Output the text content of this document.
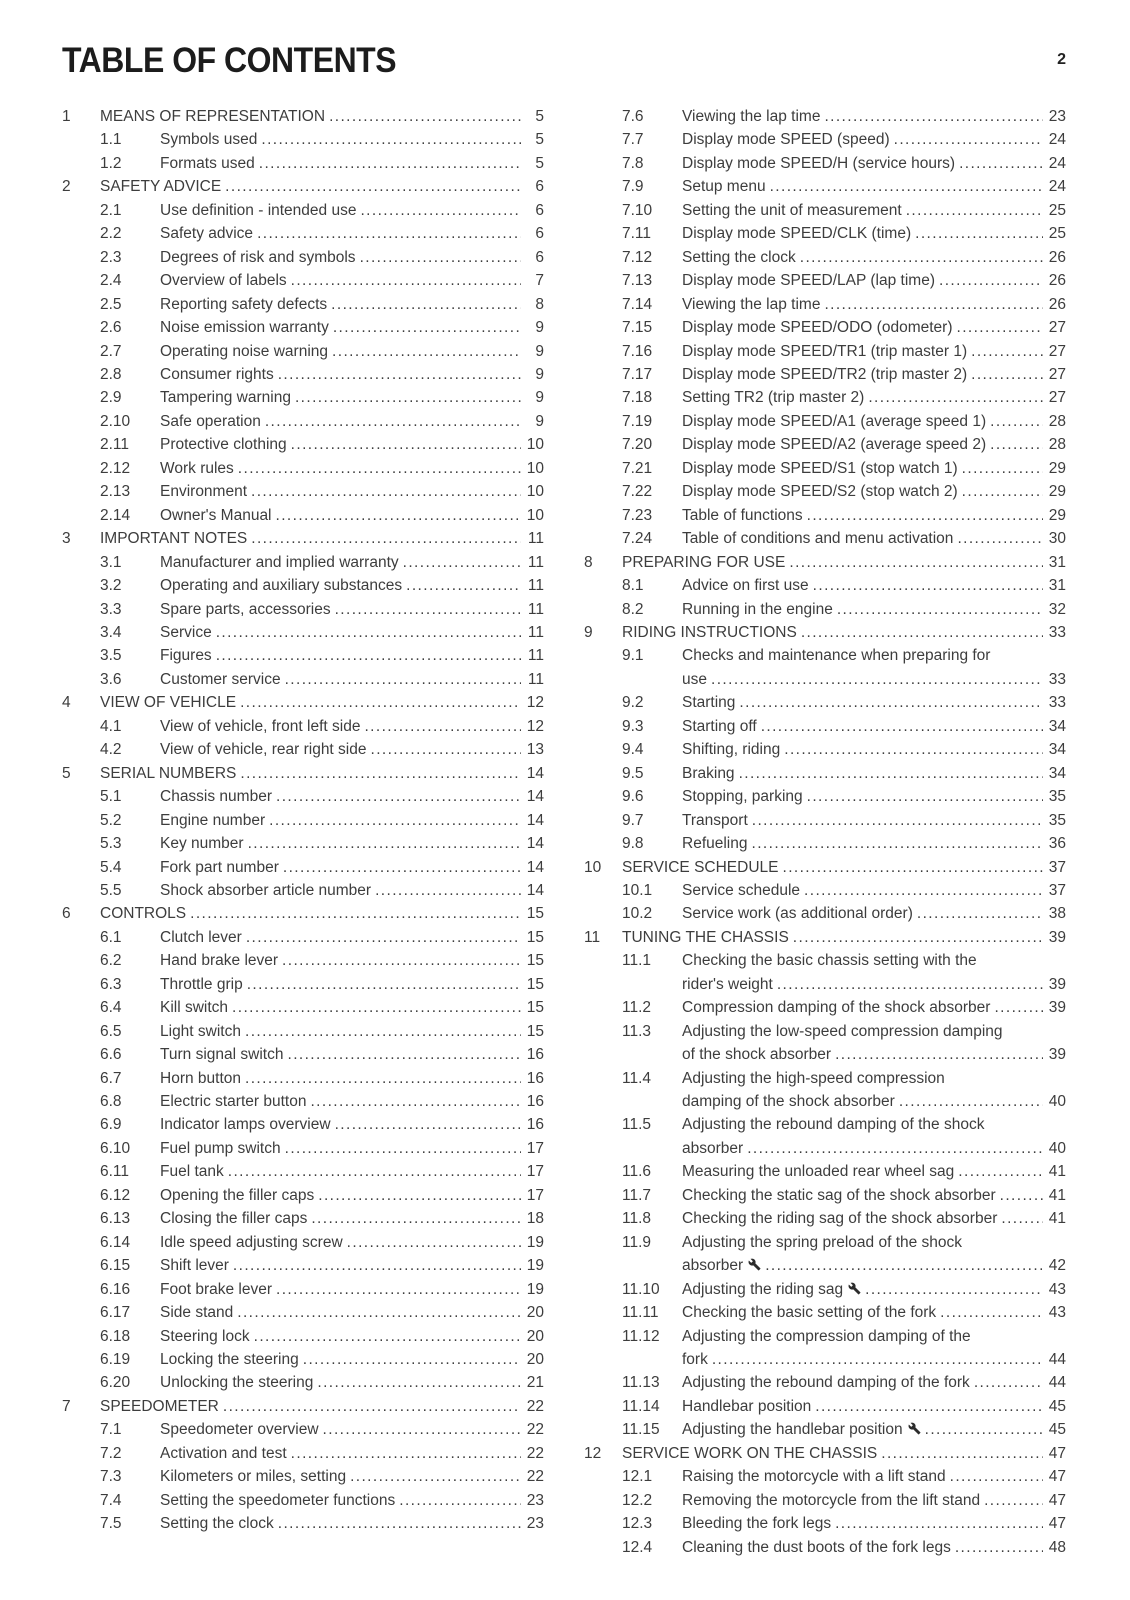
TABLE OF CONTENTS	2
1	MEANS OF REPRESENTATION .....	5
1.1	Symbols used .....	5
1.2	Formats used .....	5
2	SAFETY ADVICE .....	6
2.1	Use definition - intended use .....	6
2.2	Safety advice .....	6
2.3	Degrees of risk and symbols .....	6
2.4	Overview of labels .....	7
2.5	Reporting safety defects .....	8
2.6	Noise emission warranty .....	9
2.7	Operating noise warning .....	9
2.8	Consumer rights .....	9
2.9	Tampering warning .....	9
2.10	Safe operation .....	9
2.11	Protective clothing .....	10
2.12	Work rules .....	10
2.13	Environment .....	10
2.14	Owner's Manual .....	10
3	IMPORTANT NOTES .....	11
3.1	Manufacturer and implied warranty .....	11
3.2	Operating and auxiliary substances .....	11
3.3	Spare parts, accessories .....	11
3.4	Service .....	11
3.5	Figures .....	11
3.6	Customer service .....	11
4	VIEW OF VEHICLE .....	12
4.1	View of vehicle, front left side .....	12
4.2	View of vehicle, rear right side .....	13
5	SERIAL NUMBERS .....	14
5.1	Chassis number .....	14
5.2	Engine number .....	14
5.3	Key number .....	14
5.4	Fork part number .....	14
5.5	Shock absorber article number .....	14
6	CONTROLS .....	15
6.1	Clutch lever .....	15
6.2	Hand brake lever .....	15
6.3	Throttle grip .....	15
6.4	Kill switch .....	15
6.5	Light switch .....	15
6.6	Turn signal switch .....	16
6.7	Horn button .....	16
6.8	Electric starter button .....	16
6.9	Indicator lamps overview .....	16
6.10	Fuel pump switch .....	17
6.11	Fuel tank .....	17
6.12	Opening the filler caps .....	17
6.13	Closing the filler caps .....	18
6.14	Idle speed adjusting screw .....	19
6.15	Shift lever .....	19
6.16	Foot brake lever .....	19
6.17	Side stand .....	20
6.18	Steering lock .....	20
6.19	Locking the steering .....	20
6.20	Unlocking the steering .....	21
7	SPEEDOMETER .....	22
7.1	Speedometer overview .....	22
7.2	Activation and test .....	22
7.3	Kilometers or miles, setting .....	22
7.4	Setting the speedometer functions .....	23
7.5	Setting the clock .....	23
7.6	Viewing the lap time .....	23
7.7	Display mode SPEED (speed) .....	24
7.8	Display mode SPEED/H (service hours) .....	24
7.9	Setup menu .....	24
7.10	Setting the unit of measurement .....	25
7.11	Display mode SPEED/CLK (time) .....	25
7.12	Setting the clock .....	26
7.13	Display mode SPEED/LAP (lap time) .....	26
7.14	Viewing the lap time .....	26
7.15	Display mode SPEED/ODO (odometer) .....	27
7.16	Display mode SPEED/TR1 (trip master 1) .....	27
7.17	Display mode SPEED/TR2 (trip master 2) .....	27
7.18	Setting TR2 (trip master 2) .....	27
7.19	Display mode SPEED/A1 (average speed 1) .....	28
7.20	Display mode SPEED/A2 (average speed 2) .....	28
7.21	Display mode SPEED/S1 (stop watch 1) .....	29
7.22	Display mode SPEED/S2 (stop watch 2) .....	29
7.23	Table of functions .....	29
7.24	Table of conditions and menu activation .....	30
8	PREPARING FOR USE .....	31
8.1	Advice on first use .....	31
8.2	Running in the engine .....	32
9	RIDING INSTRUCTIONS .....	33
9.1	Checks and maintenance when preparing for
use .....	33
9.2	Starting .....	33
9.3	Starting off .....	34
9.4	Shifting, riding .....	34
9.5	Braking .....	34
9.6	Stopping, parking .....	35
9.7	Transport .....	35
9.8	Refueling .....	36
10	SERVICE SCHEDULE .....	37
10.1	Service schedule .....	37
10.2	Service work (as additional order) .....	38
11	TUNING THE CHASSIS .....	39
11.1	Checking the basic chassis setting with the
rider's weight .....	39
11.2	Compression damping of the shock absorber .....	39
11.3	Adjusting the low-speed compression damping
of the shock absorber .....	39
11.4	Adjusting the high-speed compression
damping of the shock absorber .....	40
11.5	Adjusting the rebound damping of the shock
absorber .....	40
11.6	Measuring the unloaded rear wheel sag .....	41
11.7	Checking the static sag of the shock absorber .....	41
11.8	Checking the riding sag of the shock absorber .....	41
11.9	Adjusting the spring preload of the shock
absorber .....	42
11.10	Adjusting the riding sag .....	43
11.11	Checking the basic setting of the fork .....	43
11.12	Adjusting the compression damping of the
fork .....	44
11.13	Adjusting the rebound damping of the fork .....	44
11.14	Handlebar position .....	45
11.15	Adjusting the handlebar position .....	45
12	SERVICE WORK ON THE CHASSIS .....	47
12.1	Raising the motorcycle with a lift stand .....	47
12.2	Removing the motorcycle from the lift stand .....	47
12.3	Bleeding the fork legs .....	47
12.4	Cleaning the dust boots of the fork legs .....	48
